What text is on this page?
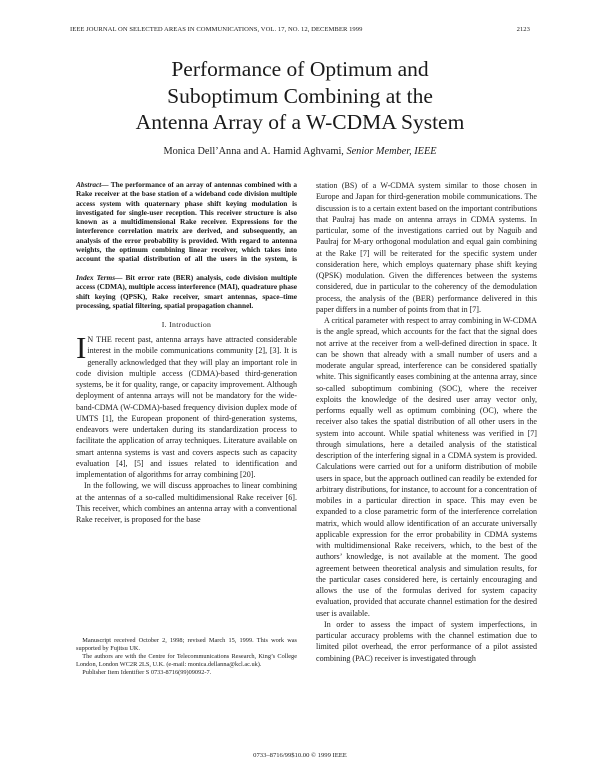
IEEE JOURNAL ON SELECTED AREAS IN COMMUNICATIONS, VOL. 17, NO. 12, DECEMBER 1999	2123
Performance of Optimum and
Suboptimum Combining at the
Antenna Array of a W-CDMA System
Monica Dell’Anna and A. Hamid Aghvami, Senior Member, IEEE
Abstract— The performance of an array of antennas combined with a Rake receiver at the base station of a wideband code division multiple access system with quaternary phase shift keying modulation is investigated for single-user reception. This receiver structure is also known as a multidimensional Rake receiver. Expressions for the interference correlation matrix are derived, and subsequently, an analysis of the error probability is provided. With regard to antenna weights, the optimum combining linear receiver, which takes into account the spatial distribution of all the users in the system, is
Index Terms— Bit error rate (BER) analysis, code division multiple access (CDMA), multiple access interference (MAI), quadrature phase shift keying (QPSK), Rake receiver, smart antennas, space–time processing, spatial filtering, spatial propagation channel.
I. Introduction
I N THE recent past, antenna arrays have attracted considerable interest in the mobile communications community [2], [3]. It is generally acknowledged that they will play an important role in code division multiple access (CDMA)-based third-generation systems, be it for quality, range, or capacity improvement. Although deployment of antenna arrays will not be mandatory for the wide-band-CDMA (W-CDMA)-based frequency division duplex mode of UMTS [1], the European proponent of third-generation systems, endeavors were undertaken during its standardization process to facilitate the application of array techniques. Literature available on smart antenna systems is vast and covers aspects such as capacity evaluation [4], [5] and issues related to identification and implementation of algorithms for array combining [20].
 In the following, we will discuss approaches to linear combining at the antennas of a so-called multidimensional Rake receiver [6]. This receiver, which combines an antenna array with a conventional Rake receiver, is proposed for the base
station (BS) of a W-CDMA system similar to those chosen in Europe and Japan for third-generation mobile communications. The discussion is to a certain extent based on the important contributions that Paulraj has made on antenna arrays in CDMA systems. In particular, some of the investigations carried out by Naguib and Paulraj for M-ary orthogonal modulation and equal gain combining at the Rake [7] will be reiterated for the specific system under consideration here, which employs quaternary phase shift keying (QPSK) modulation. Given the differences between the systems considered, due in particular to the coherency of the demodulation process, the analysis of the (BER) performance delivered in this paper differs in a number of points from that in [7].
 A critical parameter with respect to array combining in W-CDMA is the angle spread, which accounts for the fact that the signal does not arrive at the receiver from a well-defined direction in space. It can be shown that already with a small number of users and a moderate angular spread, interference can be considered spatially white. This significantly eases combining at the antenna array, since so-called suboptimum combining (SOC), where the receiver exploits the knowledge of the desired user array vector only, performs equally well as optimum combining (OC), where the receiver also takes the spatial distribution of all other users in the system into account. While spatial whiteness was verified in [7] through simulations, here a detailed analysis of the statistical description of the interfering signal in a CDMA system is provided. Calculations were carried out for a uniform distribution of mobile users in space, but the approach outlined can readily be extended for arbitrary distributions, for instance, to account for a concentration of mobiles in a particular direction in space. This may even be expanded to a close parametric form of the interference correlation matrix, which would allow identification of an accurate universally applicable expression for the error probability in CDMA systems with multidimensional Rake receivers, which, to the best of the authors’ knowledge, is not available at the moment. The good agreement between theoretical analysis and simulation results, for the particular cases considered here, is certainly encouraging and allows the use of the formulas derived for system capacity evaluation, provided that accurate channel estimation for the desired user is available.
 In order to assess the impact of system imperfections, in particular accuracy problems with the channel estimation due to limited pilot overhead, the error performance of a pilot assisted combining (PAC) receiver is investigated through
 Manuscript received October 2, 1998; revised March 15, 1999. This work was supported by Fujitsu UK.
 The authors are with the Centre for Telecommunications Research, King’s College London, London WC2R 2LS, U.K. (e-mail: monica.dellanna@kcl.ac.uk).
 Publisher Item Identifier S 0733-8716(99)09092-7.
0733–8716/99$10.00 © 1999 IEEE
